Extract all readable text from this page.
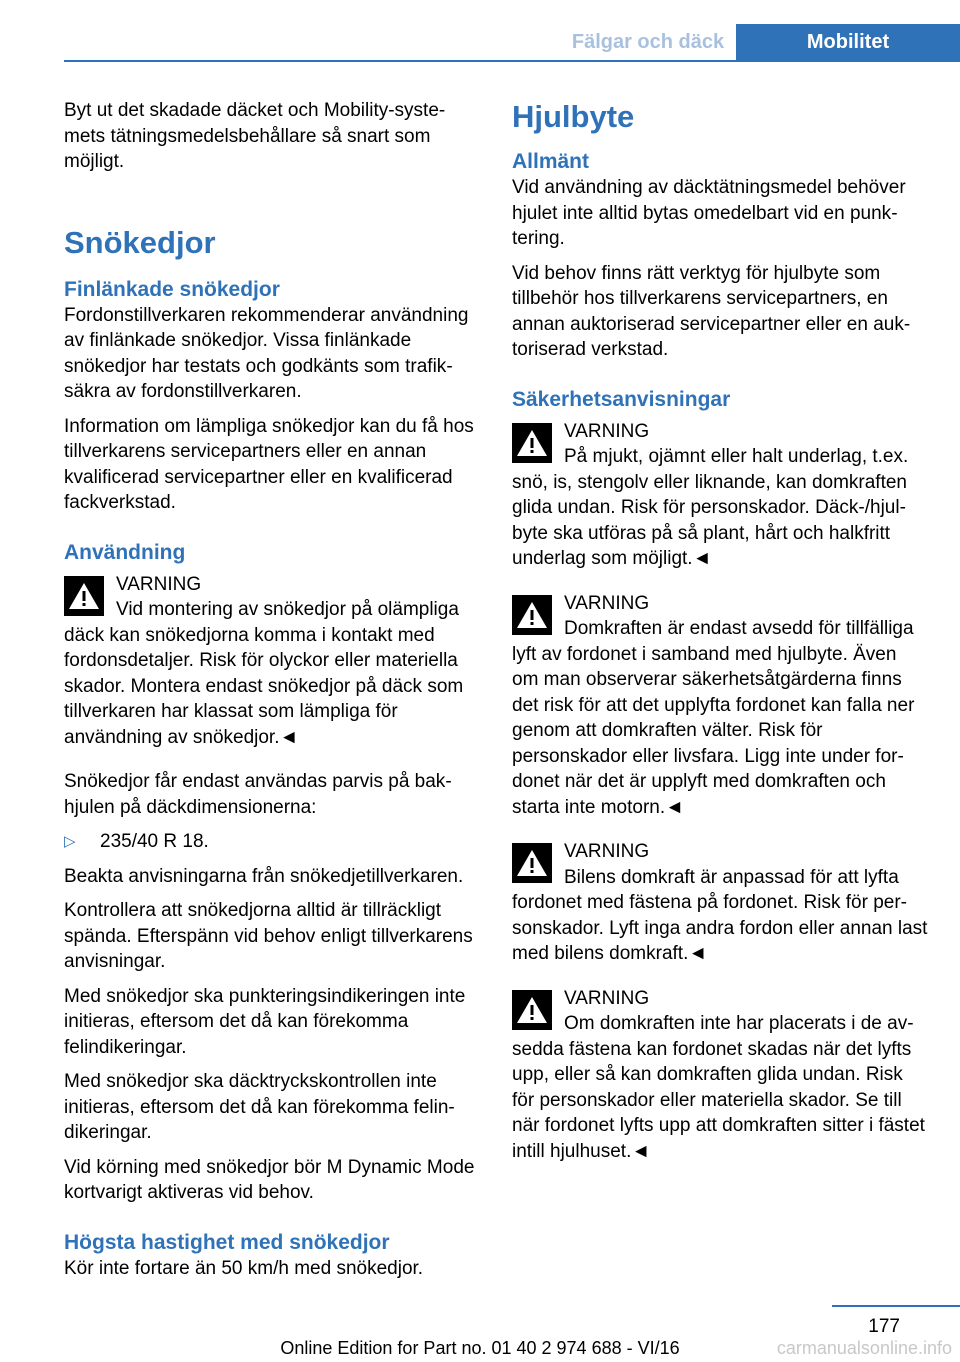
Fälgar och däck	Mobilitet

Byt ut det skadade däcket och Mobility-systemets tätningsmedelsbehållare så snart som möjligt.

Snökedjor
Finlänkade snökedjor

Fordonstillverkaren rekommenderar användning av finlänkade snökedjor. Vissa finlänkade snökedjor har testats och godkänts som trafiksäkra av fordonstillverkaren.

Information om lämpliga snökedjor kan du få hos tillverkarens servicepartners eller en annan kvalificerad servicepartner eller en kvalificerad fackverkstad.

Användning
VARNING
Vid montering av snökedjor på olämpliga däck kan snökedjorna komma i kontakt med fordonsdetaljer. Risk för olyckor eller materiella skador. Montera endast snökedjor på däck som tillverkaren har klassat som lämpliga för användning av snökedjor.◄

Snökedjor får endast användas parvis på bakhjulen på däckdimensionerna:

▷	235/40 R 18.

Beakta anvisningarna från snökedjetillverkaren.

Kontrollera att snökedjorna alltid är tillräckligt spända. Efterspänn vid behov enligt tillverkarens anvisningar.

Med snökedjor ska punkteringsindikeringen inte initieras, eftersom det då kan förekomma felindikeringar.

Med snökedjor ska däcktryckskontrollen inte initieras, eftersom det då kan förekomma felindikeringar.

Vid körning med snökedjor bör M Dynamic Mode kortvarigt aktiveras vid behov.

Högsta hastighet med snökedjor

Kör inte fortare än 50 km/h med snökedjor.

Hjulbyte
Allmänt

Vid användning av däcktätningsmedel behöver hjulet inte alltid bytas omedelbart vid en punktering.

Vid behov finns rätt verktyg för hjulbyte som tillbehör hos tillverkarens servicepartners, en annan auktoriserad servicepartner eller en auktoriserad verkstad.

Säkerhetsanvisningar
VARNING
På mjukt, ojämnt eller halt underlag, t.ex. snö, is, stengolv eller liknande, kan domkraften glida undan. Risk för personskador. Däck-/hjulbyte ska utföras på så plant, hårt och halkfritt underlag som möjligt.◄
VARNING
Domkraften är endast avsedd för tillfälliga lyft av fordonet i samband med hjulbyte. Även om man observerar säkerhetsåtgärderna finns det risk för att det upplyfta fordonet kan falla ner genom att domkraften välter. Risk för personskador eller livsfara. Ligg inte under fordonet när det är upplyft med domkraften och starta inte motorn.◄
VARNING
Bilens domkraft är anpassad för att lyfta fordonet med fästena på fordonet. Risk för personskador. Lyft inga andra fordon eller annan last med bilens domkraft.◄
VARNING
Om domkraften inte har placerats i de avsedda fästena kan fordonet skadas när det lyfts upp, eller så kan domkraften glida undan. Risk för personskador eller materiella skador. Se till när fordonet lyfts upp att domkraften sitter i fästet intill hjulhuset.◄
177
Online Edition for Part no. 01 40 2 974 688 - VI/16	carmanualsonline.info
